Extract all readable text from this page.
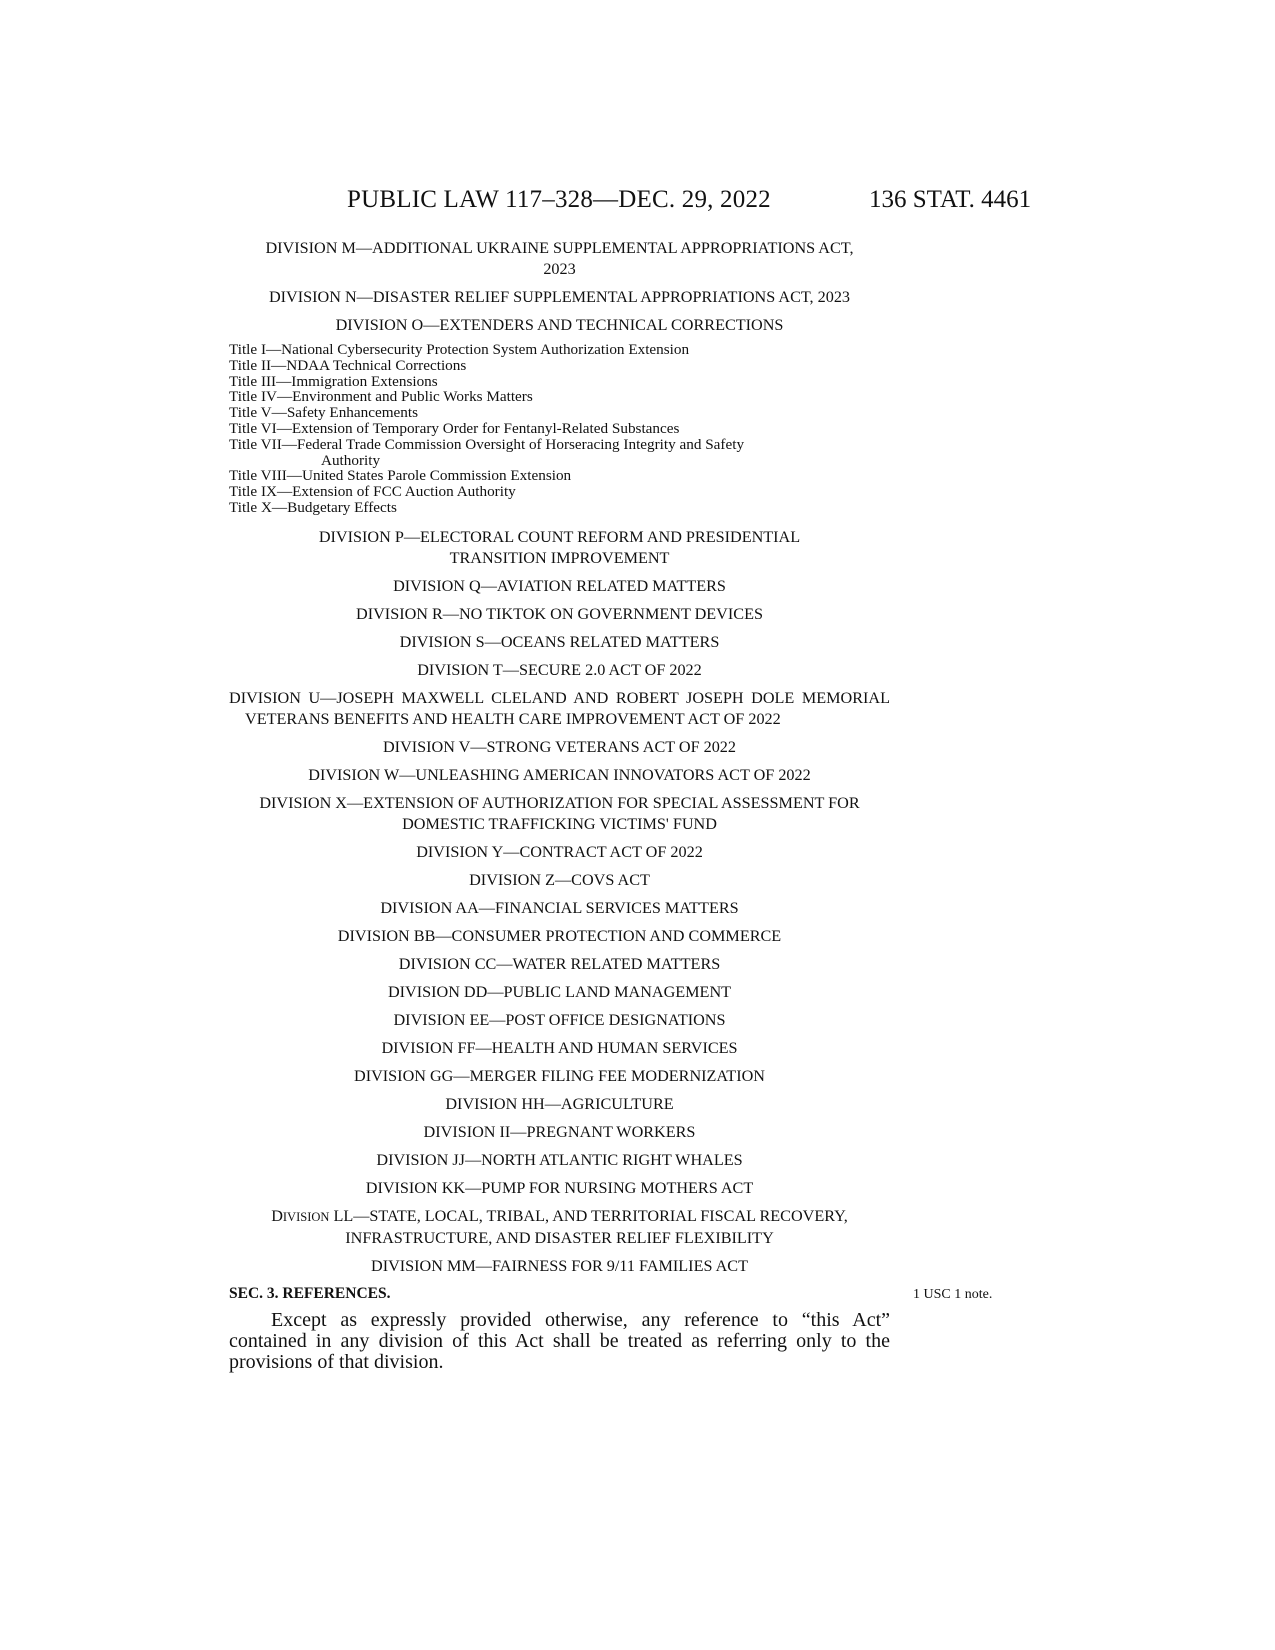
PUBLIC LAW 117–328—DEC. 29, 2022	136 STAT. 4461
DIVISION M—ADDITIONAL UKRAINE SUPPLEMENTAL APPROPRIATIONS ACT, 2023
DIVISION N—DISASTER RELIEF SUPPLEMENTAL APPROPRIATIONS ACT, 2023
DIVISION O—EXTENDERS AND TECHNICAL CORRECTIONS
Title I—National Cybersecurity Protection System Authorization Extension
Title II—NDAA Technical Corrections
Title III—Immigration Extensions
Title IV—Environment and Public Works Matters
Title V—Safety Enhancements
Title VI—Extension of Temporary Order for Fentanyl-Related Substances
Title VII—Federal Trade Commission Oversight of Horseracing Integrity and Safety
Authority
Title VIII—United States Parole Commission Extension
Title IX—Extension of FCC Auction Authority
Title X—Budgetary Effects
DIVISION P—ELECTORAL COUNT REFORM AND PRESIDENTIAL TRANSITION IMPROVEMENT
DIVISION Q—AVIATION RELATED MATTERS
DIVISION R—NO TIKTOK ON GOVERNMENT DEVICES
DIVISION S—OCEANS RELATED MATTERS
DIVISION T—SECURE 2.0 ACT OF 2022
DIVISION U—JOSEPH MAXWELL CLELAND AND ROBERT JOSEPH DOLE MEMORIAL VETERANS BENEFITS AND HEALTH CARE IMPROVEMENT ACT OF 2022
DIVISION V—STRONG VETERANS ACT OF 2022
DIVISION W—UNLEASHING AMERICAN INNOVATORS ACT OF 2022
DIVISION X—EXTENSION OF AUTHORIZATION FOR SPECIAL ASSESSMENT FOR DOMESTIC TRAFFICKING VICTIMS' FUND
DIVISION Y—CONTRACT ACT OF 2022
DIVISION Z—COVS ACT
DIVISION AA—FINANCIAL SERVICES MATTERS
DIVISION BB—CONSUMER PROTECTION AND COMMERCE
DIVISION CC—WATER RELATED MATTERS
DIVISION DD—PUBLIC LAND MANAGEMENT
DIVISION EE—POST OFFICE DESIGNATIONS
DIVISION FF—HEALTH AND HUMAN SERVICES
DIVISION GG—MERGER FILING FEE MODERNIZATION
DIVISION HH—AGRICULTURE
DIVISION II—PREGNANT WORKERS
DIVISION JJ—NORTH ATLANTIC RIGHT WHALES
DIVISION KK—PUMP FOR NURSING MOTHERS ACT
DIVISION LL—STATE, LOCAL, TRIBAL, AND TERRITORIAL FISCAL RECOVERY, INFRASTRUCTURE, AND DISASTER RELIEF FLEXIBILITY
DIVISION MM—FAIRNESS FOR 9/11 FAMILIES ACT
SEC. 3. REFERENCES.	1 USC 1 note.
Except as expressly provided otherwise, any reference to “this Act” contained in any division of this Act shall be treated as referring only to the provisions of that division.
